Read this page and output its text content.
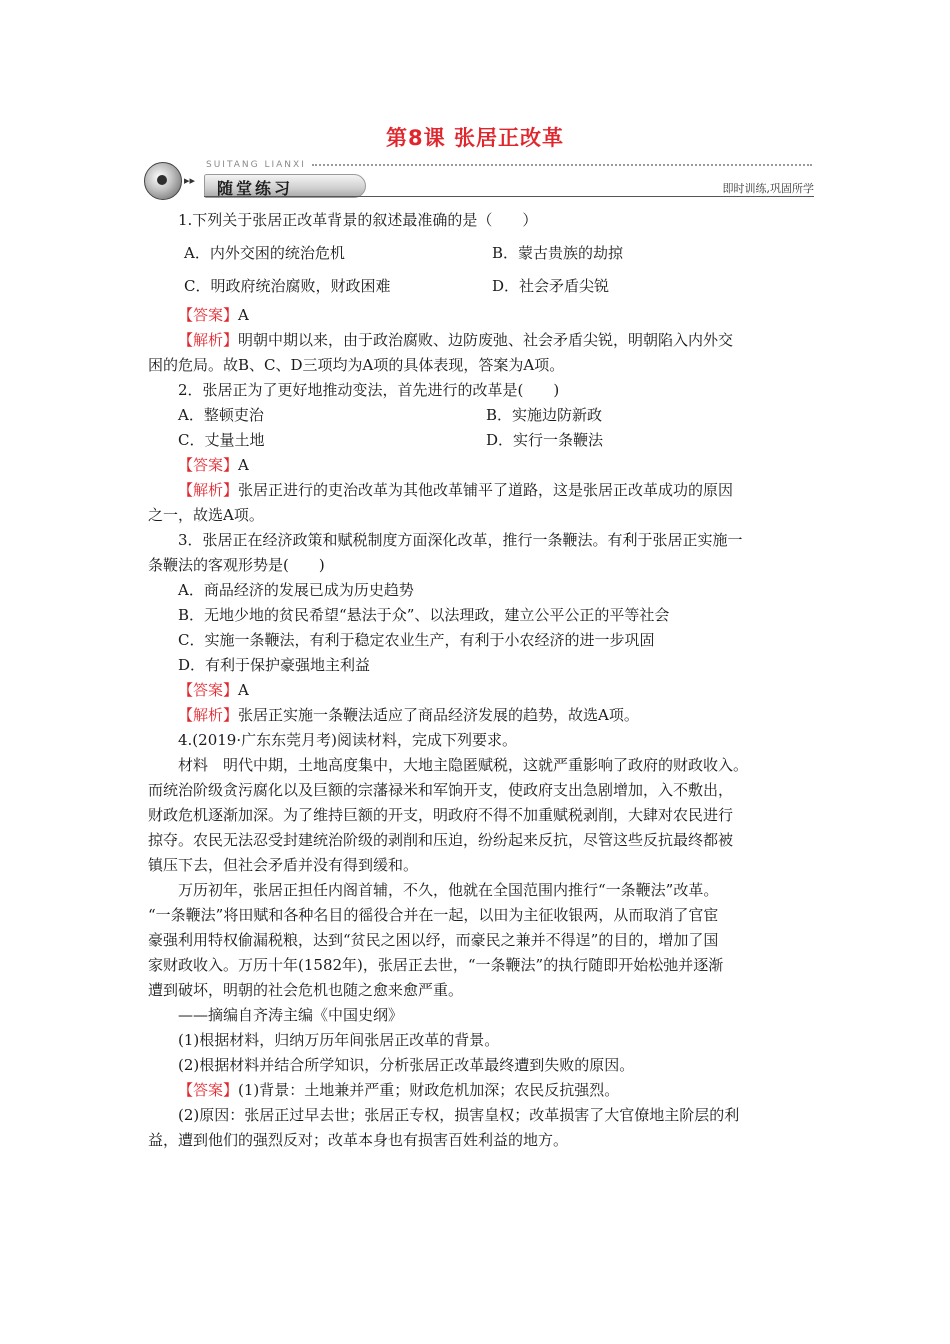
第8课 张居正改革
SUITANG LIANXI
▸▸ 随堂练习	即时训练,巩固所学

1.下列关于张居正改革背景的叙述最准确的是（　　）

A．内外交困的统治危机	B．蒙古贵族的劫掠
C．明政府统治腐败，财政困难	D．社会矛盾尖锐

【答案】A

【解析】明朝中期以来，由于政治腐败、边防废弛、社会矛盾尖锐，明朝陷入内外交

困的危局。故B、C、D三项均为A项的具体表现，答案为A项。

2．张居正为了更好地推动变法，首先进行的改革是(　　)

A．整顿吏治	B．实施边防新政
C．丈量土地	D．实行一条鞭法

【答案】A

【解析】张居正进行的吏治改革为其他改革铺平了道路，这是张居正改革成功的原因

之一，故选A项。

3．张居正在经济政策和赋税制度方面深化改革，推行一条鞭法。有利于张居正实施一

条鞭法的客观形势是(　　)

A．商品经济的发展已成为历史趋势

B．无地少地的贫民希望“悬法于众”、以法理政，建立公平公正的平等社会

C．实施一条鞭法，有利于稳定农业生产，有利于小农经济的进一步巩固

D．有利于保护豪强地主利益

【答案】A

【解析】张居正实施一条鞭法适应了商品经济发展的趋势，故选A项。

4.(2019·广东东莞月考)阅读材料，完成下列要求。

材料　明代中期，土地高度集中，大地主隐匿赋税，这就严重影响了政府的财政收入。

而统治阶级贪污腐化以及巨额的宗藩禄米和军饷开支，使政府支出急剧增加，入不敷出，

财政危机逐渐加深。为了维持巨额的开支，明政府不得不加重赋税剥削，大肆对农民进行

掠夺。农民无法忍受封建统治阶级的剥削和压迫，纷纷起来反抗，尽管这些反抗最终都被

镇压下去，但社会矛盾并没有得到缓和。

万历初年，张居正担任内阁首辅，不久，他就在全国范围内推行“一条鞭法”改革。

“一条鞭法”将田赋和各种名目的徭役合并在一起，以田为主征收银两，从而取消了官宦

豪强利用特权偷漏税粮，达到“贫民之困以纾，而豪民之兼并不得逞”的目的，增加了国

家财政收入。万历十年(1582年)，张居正去世，“一条鞭法”的执行随即开始松弛并逐渐

遭到破坏，明朝的社会危机也随之愈来愈严重。

——摘编自齐涛主编《中国史纲》

(1)根据材料，归纳万历年间张居正改革的背景。

(2)根据材料并结合所学知识，分析张居正改革最终遭到失败的原因。

【答案】(1)背景：土地兼并严重；财政危机加深；农民反抗强烈。

(2)原因：张居正过早去世；张居正专权，损害皇权；改革损害了大官僚地主阶层的利

益，遭到他们的强烈反对；改革本身也有损害百姓利益的地方。
